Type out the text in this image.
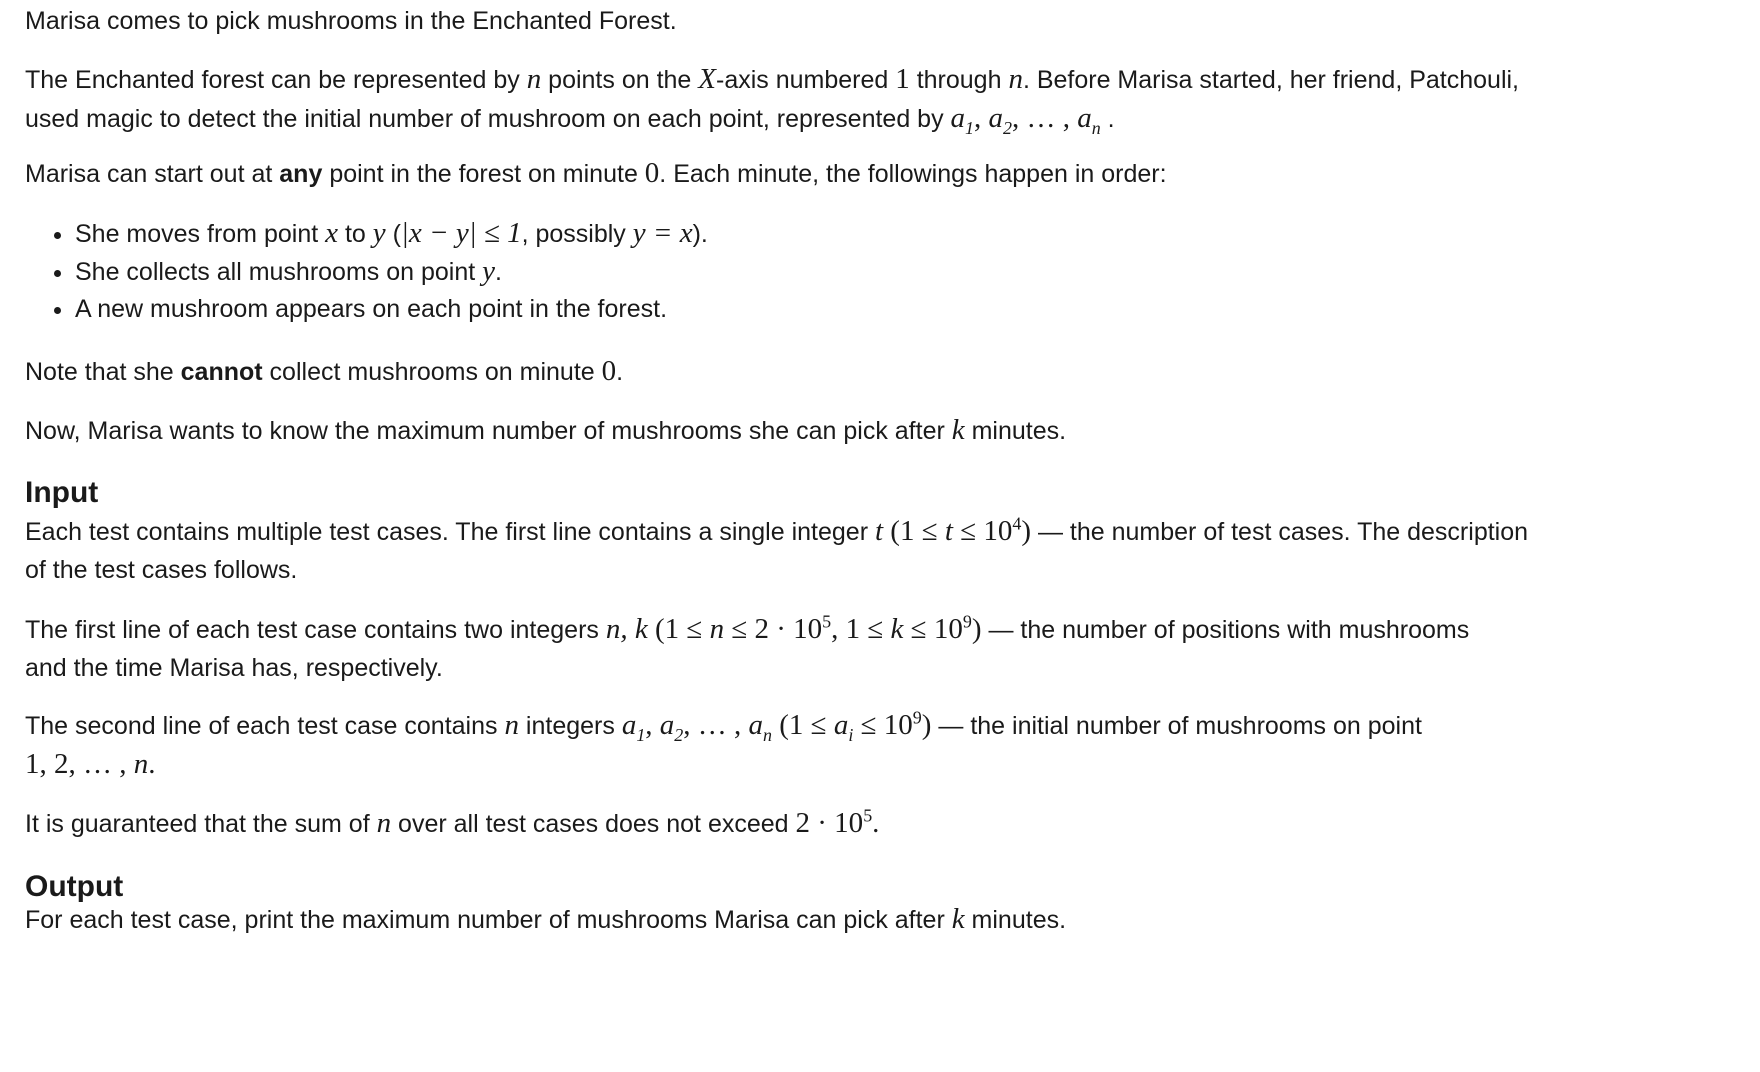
Marisa comes to pick mushrooms in the Enchanted Forest.

The Enchanted forest can be represented by n points on the X-axis numbered 1 through n. Before Marisa started, her friend, Patchouli,
used magic to detect the initial number of mushroom on each point, represented by $a_1$, $a_2$, … , $a_n$ .

Marisa can start out at any point in the forest on minute 0. Each minute, the followings happen in order:

• She moves from point x to y (|x − y| ≤ 1, possibly y = x).
• She collects all mushrooms on point y.
• A new mushroom appears on each point in the forest.

Note that she cannot collect mushrooms on minute 0.

Now, Marisa wants to know the maximum number of mushrooms she can pick after k minutes.

Input

Each test contains multiple test cases. The first line contains a single integer t $(1 \le t \le 10^4)$ — the number of test cases. The description
of the test cases follows.

The first line of each test case contains two integers n, k ($1 \le n \le 2 \cdot 10^5$, $1 \le k \le 10^9$) — the number of positions with mushrooms
and the time Marisa has, respectively.

The second line of each test case contains n integers $a_1$, $a_2$, … , $a_n$ $(1 \le a_i \le 10^9)$ — the initial number of mushrooms on point
1, 2, … , n.

It is guaranteed that the sum of n over all test cases does not exceed $2 \cdot 10^5$.

Output

For each test case, print the maximum number of mushrooms Marisa can pick after k minutes.
